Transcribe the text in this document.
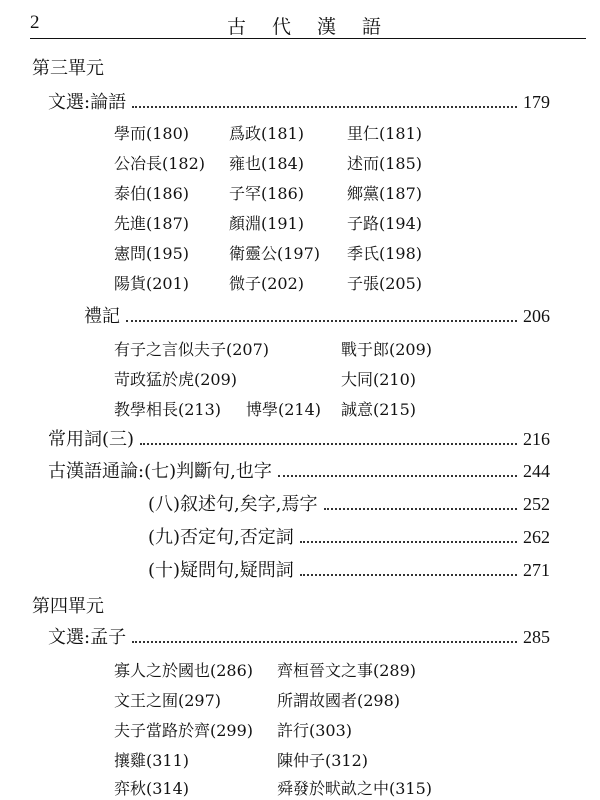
2	古代漢語
第三單元
文選:論語	179
學而(180) 爲政(181)	里仁(181)
公冶長(182) 雍也(184)	述而(185)
泰伯(186) 子罕(186)	鄉黨(187)
先進(187) 顏淵(191)	子路(194)
憲問(195) 衛靈公(197) 季氏(198)
陽貨(201) 微子(202)	子張(205)
禮記	206
有子之言似夫子(207)	戰于郎(209)
苛政猛於虎(209)	大同(210)
教學相長(213) 博學(214) 誠意(215)
常用詞(三)	216
古漢語通論:(七)判斷句,也字	244
(八)叙述句,矣字,焉字	252
(九)否定句,否定詞	262
(十)疑問句,疑問詞	271
第四單元
文選:孟子	285
寡人之於國也(286) 齊桓晉文之事(289)
文王之囿(297)	所謂故國者(298)
夫子當路於齊(299) 許行(303)
攘雞(311)	陳仲子(312)
弈秋(314)	舜發於畎畝之中(315)
